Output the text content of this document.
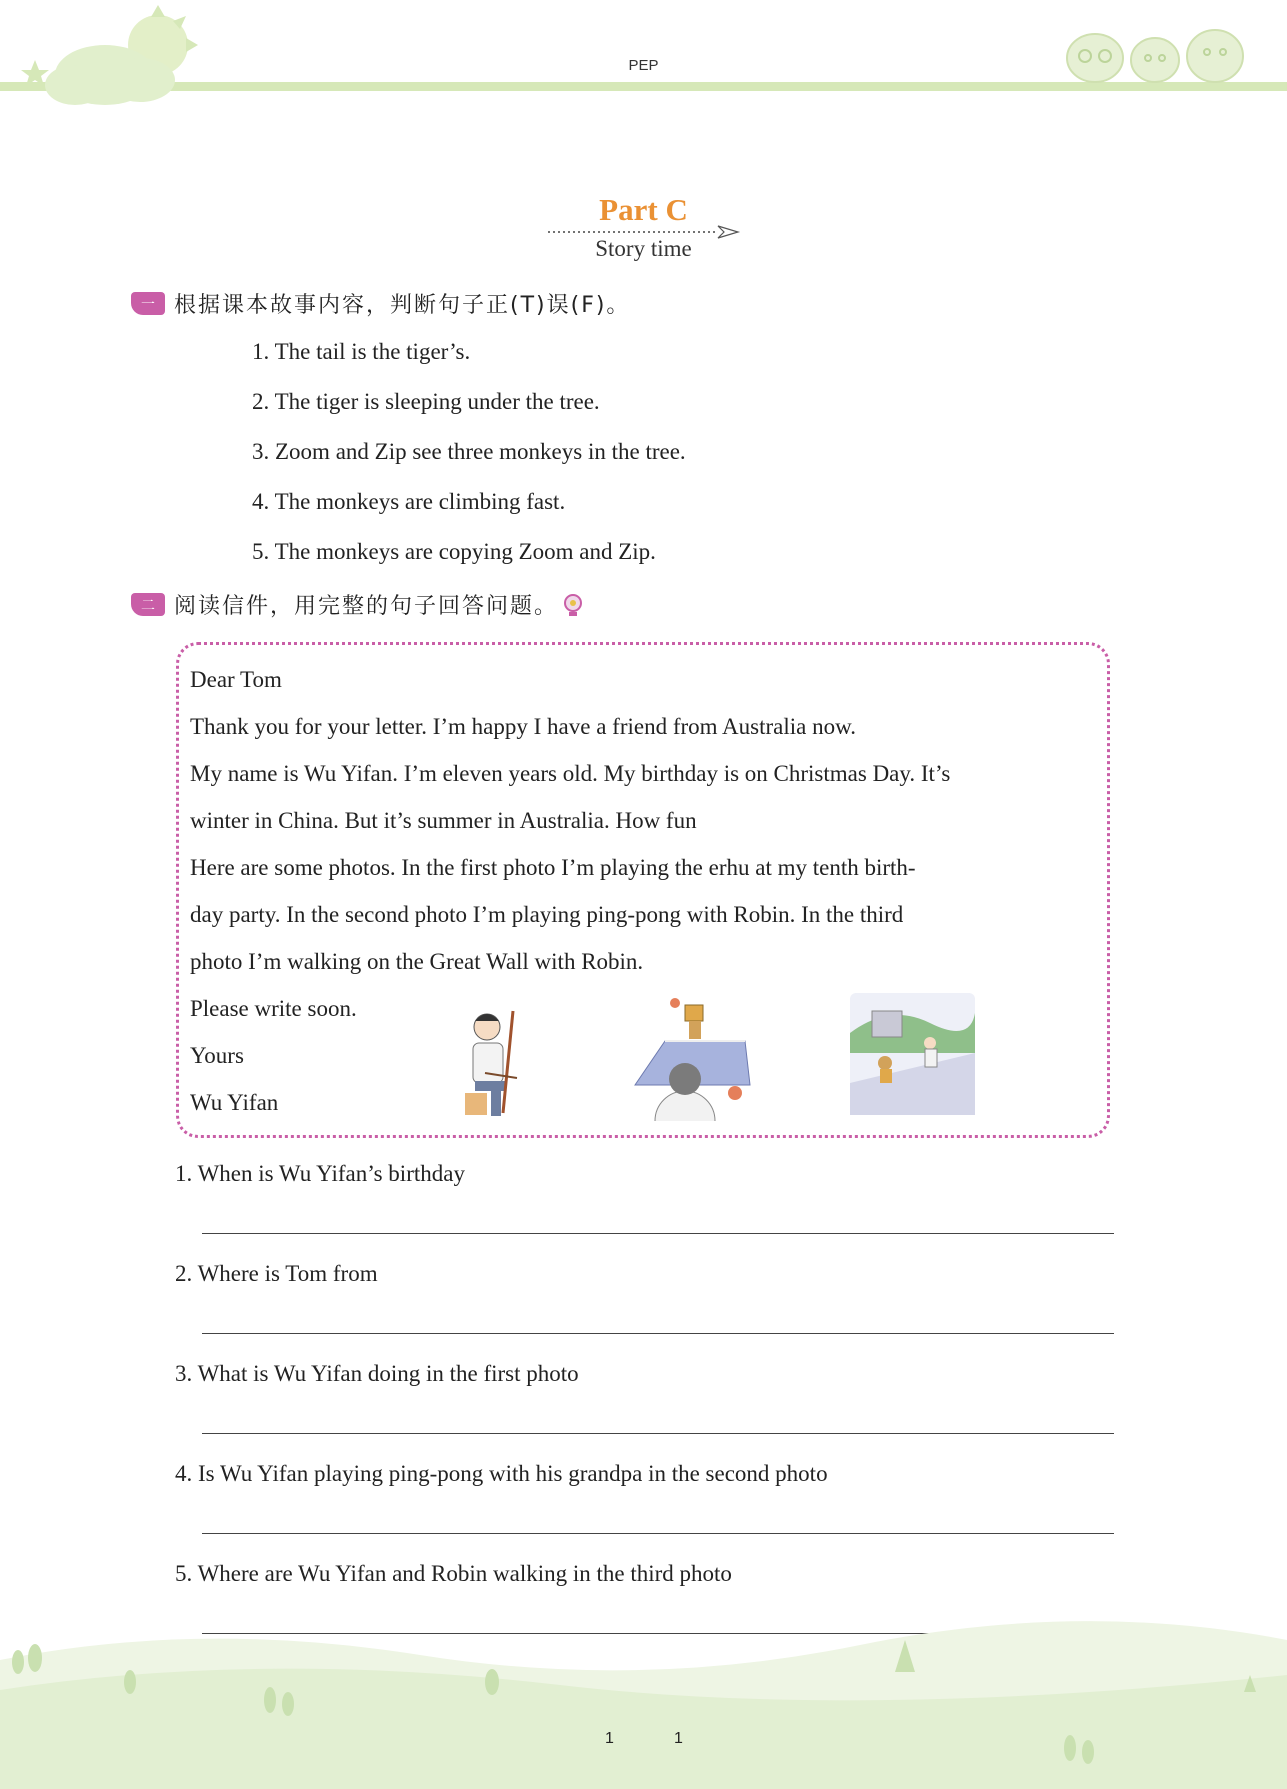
PEP
Part C
Story time
一 根据课本故事内容，判断句子正(T)误(F)。
1. The tail is the tiger’s.
2. The tiger is sleeping under the tree.
3. Zoom and Zip see three monkeys in the tree.
4. The monkeys are climbing fast.
5. The monkeys are copying Zoom and Zip.
二 阅读信件，用完整的句子回答问题。
Dear Tom
Thank you for your letter. I’m happy I have a friend from Australia now.
My name is Wu Yifan. I’m eleven years old. My birthday is on Christmas Day. It’s
winter in China. But it’s summer in Australia. How fun
Here are some photos. In the first photo I’m playing the erhu at my tenth birth-
day party. In the second photo I’m playing ping-pong with Robin. In the third
photo I’m walking on the Great Wall with Robin.
Please write soon.
Yours
Wu Yifan
1. When is Wu Yifan’s birthday
2. Where is Tom from
3. What is Wu Yifan doing in the first photo
4. Is Wu Yifan playing ping-pong with his grandpa in the second photo
5. Where are Wu Yifan and Robin walking in the third photo
1	1
